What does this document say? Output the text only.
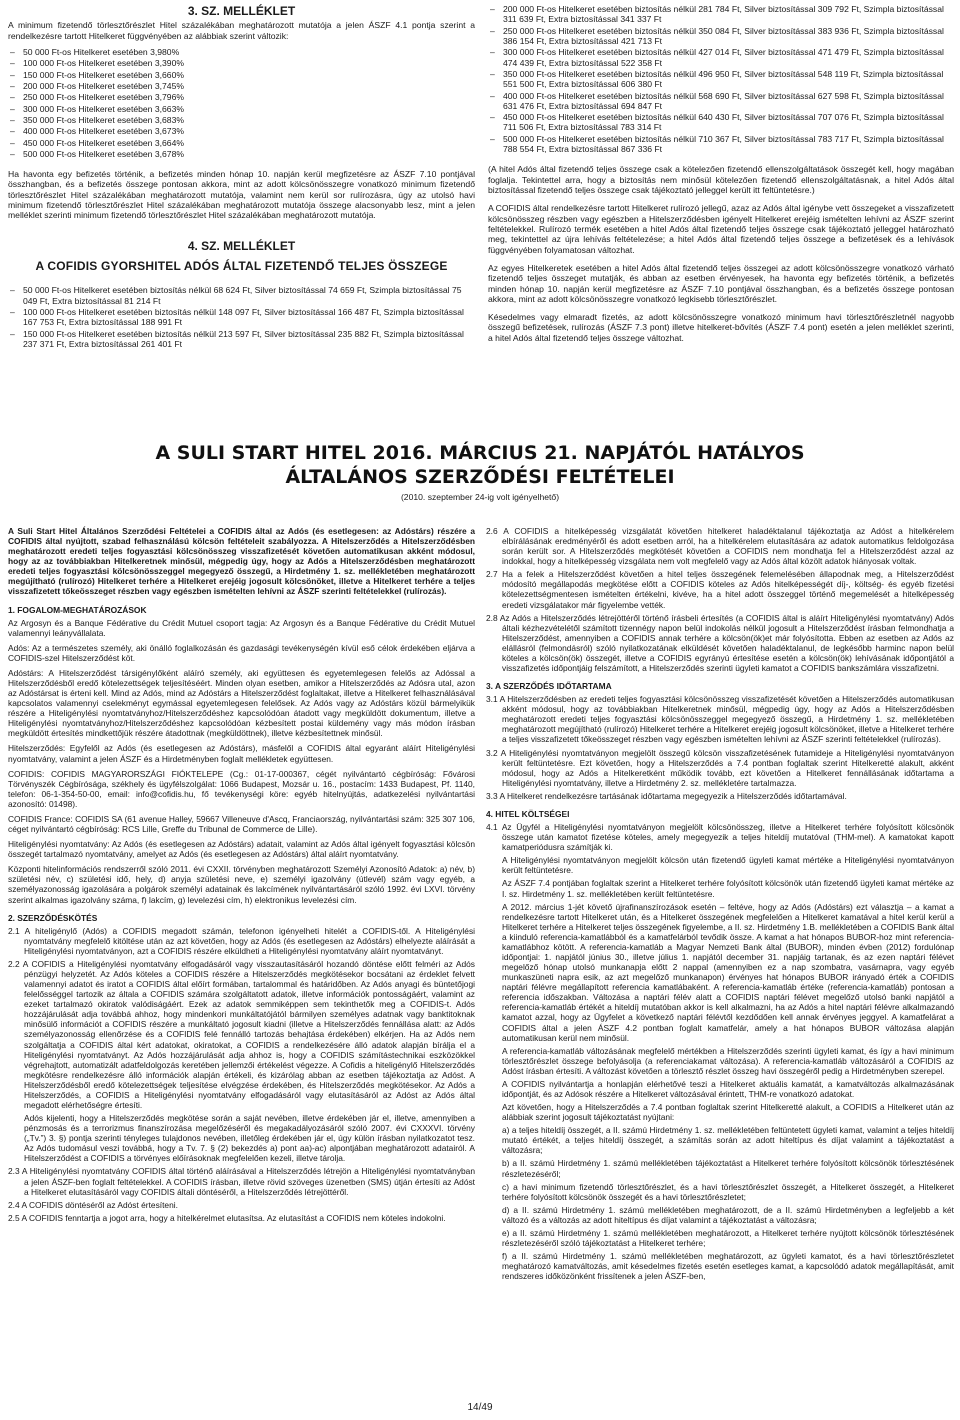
3. SZ. MELLÉKLET

A minimum fizetendő törlesztőrészlet Hitel százalékában meghatározott mutatója a jelen ÁSZF 4.1 pontja szerint a rendelkezésre tartott Hitelkeret függvényében az alábbiak szerint változik:

– 50 000 Ft-os Hitelkeret esetében 3,980%
– 100 000 Ft-os Hitelkeret esetében 3,390%
– 150 000 Ft-os Hitelkeret esetében 3,660%
– 200 000 Ft-os Hitelkeret esetében 3,745%
– 250 000 Ft-os Hitelkeret esetében 3,796%
– 300 000 Ft-os Hitelkeret esetében 3,663%
– 350 000 Ft-os Hitelkeret esetében 3,683%
– 400 000 Ft-os Hitelkeret esetében 3,673%
– 450 000 Ft-os Hitelkeret esetében 3,664%
– 500 000 Ft-os Hitelkeret esetében 3,678%

Ha havonta egy befizetés történik, a befizetés minden hónap 10. napján kerül megfizetésre az ÁSZF 7.10 pontjával összhangban, és a befizetés összege pontosan akkora, mint az adott kölcsönösszegre vonatkozó minimum fizetendő törlesztőrészlet Hitel százalékában meghatározott mutatója, valamint nem kerül sor rulírozásra, úgy az utolsó havi minimum fizetendő törlesztőrészlet Hitel százalékában meghatározott mutatója összege alacsonyabb lesz, mint a jelen melléklet szerinti minimum fizetendő törlesztőrészlet Hitel százalékában meghatározott mutatója.

4. SZ. MELLÉKLET
A COFIDIS GYORSHITEL ADÓS ÁLTAL FIZETENDŐ TELJES ÖSSZEGE
– 50 000 Ft-os Hitelkeret esetében biztosítás nélkül 68 624 Ft, Silver biztosítással 74 659 Ft, Szimpla biztosítással 75 049 Ft, Extra biztosítással 81 214 Ft
– 100 000 Ft-os Hitelkeret esetében biztosítás nélkül 148 097 Ft, Silver biztosítással 166 487 Ft, Szimpla biztosítással 167 753 Ft, Extra biztosítással 188 991 Ft
– 150 000 Ft-os Hitelkeret esetében biztosítás nélkül 213 597 Ft, Silver biztosítással 235 882 Ft, Szimpla biztosítással 237 371 Ft, Extra biztosítással 261 401 Ft
– 200 000 Ft-os Hitelkeret esetében biztosítás nélkül 281 784 Ft, Silver biztosítással 309 792 Ft, Szimpla biztosítással 311 639 Ft, Extra biztosítással 341 337 Ft
– 250 000 Ft-os Hitelkeret esetében biztosítás nélkül 350 084 Ft, Silver biztosítással 383 936 Ft, Szimpla biztosítással 386 154 Ft, Extra biztosítással 421 713 Ft
– 300 000 Ft-os Hitelkeret esetében biztosítás nélkül 427 014 Ft, Silver biztosítással 471 479 Ft, Szimpla biztosítással 474 439 Ft, Extra biztosítással 522 358 Ft
– 350 000 Ft-os Hitelkeret esetében biztosítás nélkül 496 950 Ft, Silver biztosítással 548 119 Ft, Szimpla biztosítással 551 500 Ft, Extra biztosítással 606 380 Ft
– 400 000 Ft-os Hitelkeret esetében biztosítás nélkül 568 690 Ft, Silver biztosítással 627 598 Ft, Szimpla biztosítással 631 476 Ft, Extra biztosítással 694 847 Ft
– 450 000 Ft-os Hitelkeret esetében biztosítás nélkül 640 430 Ft, Silver biztosítással 707 076 Ft, Szimpla biztosítással 711 506 Ft, Extra biztosítással 783 314 Ft
– 500 000 Ft-os Hitelkeret esetében biztosítás nélkül 710 367 Ft, Silver biztosítással 783 717 Ft, Szimpla biztosítással 788 554 Ft, Extra biztosítással 867 336 Ft

(A hitel Adós által fizetendő teljes összege csak a kötelezően fizetendő ellenszolgáltatások összegét kell, hogy magában foglalja. Tekintettel arra, hogy a biztosítás nem minősül kötelezően fizetendő ellenszolgáltatásnak, a hitel Adós által biztosítással fizetendő teljes összege csak tájékoztató jelleggel került itt feltüntetésre.)

A COFIDIS által rendelkezésre tartott Hitelkeret rulírozó jellegű, azaz az Adós által igénybe vett összegeket a visszafizetett kölcsönösszeg részben vagy egészben a Hitelszerződésben igényelt Hitelkeret erejéig ismételten lehívni az ÁSZF szerint feltételekkel. Rulírozó termék esetében a hitel Adós által fizetendő teljes összege csak tájékoztató jelleggel határozható meg, tekintettel az újra lehívás feltételezése; a hitel Adós által fizetendő teljes összege a befizetések és a lehívások függvényében folyamatosan változhat.

Az egyes Hitelkeretek esetében a hitel Adós által fizetendő teljes összegei az adott kölcsönösszegre vonatkozó várható fizetendő teljes összeget mutatják, és abban az esetben érvényesek, ha havonta egy befizetés történik, a befizetés minden hónap 10. napján kerül megfizetésre az ÁSZF 7.10 pontjával összhangban, és a befizetés összege pontosan akkora, mint az adott kölcsönösszegre vonatkozó legkisebb törlesztőrészlet.

Késedelmes vagy elmaradt fizetés, az adott kölcsönösszegre vonatkozó minimum havi törlesztőrészletnél nagyobb összegű befizetések, rulírozás (ÁSZF 7.3 pont) illetve hitelkeret-bővítés (ÁSZF 7.4 pont) esetén a jelen melléklet szerinti, a hitel Adós által fizetendő teljes összege változhat.

A SULI START HITEL 2016. MÁRCIUS 21. NAPJÁTÓL HATÁLYOS
ÁLTALÁNOS SZERZŐDÉSI FELTÉTELEI
(2010. szeptember 24-ig volt igényelhető)

A Suli Start Hitel Általános Szerződési Feltételei a COFIDIS által az Adós (és esetlegesen: az Adóstárs) részére a COFIDIS által nyújtott, szabad felhasználású kölcsön feltételeit szabályozza. A Hitelszerződés a Hitelszerződésben meghatározott eredeti teljes fogyasztási kölcsönösszeg visszafizetését követően automatikusan akként módosul, hogy az az továbbiakban Hitelkeretnek minősül, mégpedig úgy, hogy az Adós a Hitelszerződésben meghatározott eredeti teljes fogyasztási kölcsönösszeggel megegyező összegű, a Hirdetmény 1. sz. mellékletében meghatározott megújítható (rulírozó) Hitelkeret terhére a Hitelkeret erejéig jogosult kölcsönöket, illetve a Hitelkeret terhére a teljes visszafizetett tőkeösszeget részben vagy egészben ismételten lehívni az ÁSZF szerinti feltételekkel (rulírozás).

1. FOGALOM-MEGHATÁROZÁSOK

Az Argosyn és a Banque Fédérative du Crédit Mutuel csoport tagja: Az Argosyn és a Banque Fédérative du Crédit Mutuel valamennyi leányvállalata.

Adós: Az a természetes személy, aki önálló foglalkozásán és gazdasági tevékenységén kívül eső célok érdekében eljárva a COFIDIS-szel Hitelszerződést köt.

Adóstárs: A Hitelszerződést társigénylőként aláíró személy, aki együttesen és egyetemlegesen felelős az Adóssal a Hitelszerződésből eredő kötelezettségek teljesítéséért. Minden olyan esetben, amikor a Hitelszerződés az Adósra utal, azon az Adóstársat is érteni kell. Mind az Adós, mind az Adóstárs a Hitelszerződést foglaltakat, illetve a Hitelkeret felhasználásával kapcsolatos valamennyi cselekményt egymással egyetemlegesen felelősek. Az Adós vagy az Adóstárs közül bármelyikük részére a Hiteligénylési nyomtatványhoz/Hitelszerződéshez kapcsolódóan átadott vagy megküldött dokumentum, illetve a Hiteligénylési nyomtatványhoz/Hitelszerződéshez kapcsolódóan kézbesített postai küldemény vagy más módon írásban megküldött értesítés mindkettőjük részére átadottnak (megküldöttnek), illetve kézbesítettnek minősül.

Hitelszerződés: Egyfelől az Adós (és esetlegesen az Adóstárs), másfelől a COFIDIS által egyaránt aláírt Hiteligénylési nyomtatvány, valamint a jelen ÁSZF és a Hirdetményben foglalt mellékletek együttesen.

COFIDIS: COFIDIS MAGYARORSZÁGI FIÓKTELEPE (Cg.: 01-17-000367, cégét nyilvántartó cégbíróság: Fővárosi Törvényszék Cégbírósága, székhely és ügyfélszolgálat: 1066 Budapest, Mozsár u. 16., postacím: 1433 Budapest, Pf. 1140, telefon: 06-1-354-50-00, email: info@cofidis.hu, fő tevékenységi köre: egyéb hitelnyújtás, adatkezelési nyilvántartási azonosító: 01498).

COFIDIS France: COFIDIS SA (61 avenue Halley, 59667 Villeneuve d'Ascq, Franciaország, nyilvántartási szám: 325 307 106, céget nyilvántartó cégbíróság: RCS Lille, Greffe du Tribunal de Commerce de Lille).

Hiteligénylési nyomtatvány: Az Adós (és esetlegesen az Adóstárs) adatait, valamint az Adós által igényelt fogyasztási kölcsön összegét tartalmazó nyomtatvány, amelyet az Adós (és esetlegesen az Adóstárs) által aláírt nyomtatvány.

Központi hitelinformációs rendszerről szóló 2011. évi CXXII. törvényben meghatározott Személyi Azonosító Adatok: a) név, b) születési név, c) születési idő, hely, d) anyja születési neve, e) személyi igazolvány (útlevél) szám vagy egyéb, a személyazonosság igazolására a polgárok személyi adatainak és lakcímének nyilvántartásáról szóló 1992. évi LXVI. törvény szerint alkalmas igazolvány száma, f) lakcím, g) levelezési cím, h) elektronikus levelezési cím.

2. SZERZŐDÉSKÖTÉS

2.1 A hiteligénylő (Adós) a COFIDIS megadott számán, telefonon igényelheti hitelét a COFIDIS-től. A Hiteligénylési nyomtatvány megfelelő kitöltése után az azt követően, hogy az Adós (és esetlegesen az Adóstárs) elhelyezte aláírását a Hiteligénylési nyomtatványon, azt a COFIDIS részére elküldheti a Hiteligénylési nyomtatvány aláírt nyomtatványt.

2.2 A COFIDIS a Hiteligénylési nyomtatvány elfogadásáról vagy visszautasításáról hozandó döntése előtt felméri az Adós pénzügyi helyzetét. Az Adós köteles a COFIDIS részére a Hitelszerződés megkötésekor bocsátani az érdeklet felvett valamennyi adatot és iratot a COFIDIS által előírt formában, tartalommal és határidőben. Az Adós anyagi és büntetőjogi felelősséggel tartozik az általa a COFIDIS számára szolgáltatott adatok, illetve információk pontosságáért, valamint az ezeket tartalmazó okiratok valódiságáért. Ezek az adatok semmiképpen sem tekinthetők meg a COFIDIS-t. Adós hozzájárulását adja továbbá ahhoz, hogy mindenkori munkáltatójától bármilyen személyes adatnak vagy banktitoknak minősülő információt a COFIDIS részére a munkáltató jogosult kiadni (illetve a Hitelszerződés fennállása alatt: az Adós személyazonosság ellenőrzése és a COFIDIS felé fennálló tartozás behajtása érdekében) elkérjen. Ha az Adós nem szolgáltatja a COFIDIS által kért adatokat, okiratokat, a COFIDIS a rendelkezésére álló adatok alapján bírálja el a Hiteligénylési nyomtatványt. Az Adós hozzájárulását adja ahhoz is, hogy a COFIDIS számítástechnikai eszközökkel végrehajtott, automatizált adatfeldolgozás keretében jellemzői értékelést végezze. A Cofidis a hiteligénylő Hitelszerződés megkötésre rendelkezésre álló információk alapján értékeli, és kizárólag abban az esetben tájékoztatja az Adóst. A Hitelszerződésből eredő kötelezettségek teljesítése elvégzése érdekében, és Hitelszerződés megkötésekor. Az Adós a Hitelszerződés, a COFIDIS a Hiteligénylési nyomtatvány elfogadásáról vagy elutasításáról az Adóst az Adós által megadott elérhetőségre értesíti.

Adós kijelenti, hogy a Hitelszerződés megkötése során a saját nevében, illetve érdekében jár el, illetve, amennyiben a pénzmosás és a terrorizmus finanszírozása megelőzéséről és megakadályozásáról szóló 2007. évi CXXXVI. törvény („Tv.”) 3. §) pontja szerinti tényleges tulajdonos nevében, illetőleg érdekében jár el, úgy külön írásban nyilatkozatot tesz. Az Adós tudomásul veszi továbbá, hogy a Tv. 7. § (2) bekezdés a) pont aa)-ac) alpontjában meghatározott adatairól. A Hitelszerződést a COFIDIS a törvényes előírásoknak megfelelően kezeli, illetve tárolja.

2.3 A Hiteligénylési nyomtatvány COFIDIS által történő aláírásával a Hitelszerződés létrejön a Hiteligénylési nyomtatványban a jelen ÁSZF-ben foglalt feltételekkel. A COFIDIS írásban, illetve rövid szöveges üzenetben (SMS) útján értesíti az Adóst a Hitelkeret elutasításáról vagy COFIDIS általi döntéséről, a Hitelszerződés létrejöttéről.

2.4 A COFIDIS döntéséről az Adóst értesíteni.

2.5 A COFIDIS fenntartja a jogot arra, hogy a hitelkérelmet elutasítsa. Az elutasítást a COFIDIS nem köteles indokolni.

2.6 A COFIDIS a hitelképesség vizsgálatát követően hitelkeret haladéktalanul tájékoztatja az Adóst a hitelkérelem elbírálásának eredményéről és adott esetben arról, ha a hitelkérelem elutasítására az adatok automatikus feldolgozása során került sor. A Hitelszerződés megkötését követően a COFIDIS nem mondhatja fel a Hitelszerződést azzal az indokkal, hogy a hitelképesség vizsgálata nem volt megfelelő vagy az Adós által közölt adatok hiányosak voltak.

2.7 Ha a felek a Hitelszerződést követően a hitel teljes összegének felemelésében állapodnak meg, a Hitelszerződést módosító megállapodás megkötése előtt a COFIDIS köteles az Adós hitelképességét díj-, költség- és egyéb fizetési kötelezettségmentesen ismételten értékelni, kivéve, ha a hitel adott összeggel történő megemelését a hitelképesség eredeti vizsgálatakor már figyelembe vették.

2.8 Az Adós a Hitelszerződés létrejöttéről történő írásbeli értesítés (a COFIDIS által is aláírt Hiteligénylési nyomtatvány) Adós általi kézhezvételétől számított tizennégy napon belül indokolás nélkül jogosult a Hitelszerződést írásban felmondhatja a Hitelszerződést, amennyiben a COFIDIS annak terhére a kölcsön(ök)et már folyósította. Ebben az esetben az Adós az elállásról (felmondásról) szóló nyilatkozatának elküldését követően haladéktalanul, de legkésőbb harminc napon belül köteles a kölcsön(ök) összegét, illetve a COFIDIS egyrányú értesítése esetén a kölcsön(ök) lehívásának időpontjától a visszafizetés időpontjáig felszámított, a Hitelszerződés szerinti ügyleti kamatot a COFIDIS bankszámlára visszafizetni.

3. A SZERZŐDÉS IDŐTARTAMA

3.1 A Hitelszerződésben az eredeti teljes fogyasztási kölcsönösszeg visszafizetését követően a Hitelszerződés automatikusan akként módosul, hogy az továbbiakban Hitelkeretnek minősül, mégpedig úgy, hogy az Adós a Hitelszerződésben meghatározott eredeti teljes fogyasztási kölcsönösszeggel megegyező összegű, a Hirdetmény 1. sz. mellékletében meghatározott megújítható (rulírozó) Hitelkeret terhére a Hitelkeret erejéig jogosult kölcsönöket, illetve a Hitelkeret terhére a teljes visszafizetett tőkeösszeget részben vagy egészben ismételten lehívni az ÁSZF szerinti feltételekkel (rulírozás).

3.2 A Hiteligénylési nyomtatványon megjelölt összegű kölcsön visszafizetésének futamideje a Hiteligénylési nyomtatványon került feltüntetésre. Ezt követően, hogy a Hitelszerződés a 7.4 pontban foglaltak szerint Hitelkeretté alakult, akként módosul, hogy az Adós a Hitelkeretként működik tovább, ezt követően a Hitelkeret fennállásának időtartama a Hiteligénylési nyomtatvány, illetve a Hirdetmény 2. sz. mellékletére tartalmazza.

3.3 A Hitelkeret rendelkezésre tartásának időtartama megegyezik a Hitelszerződés időtartamával.

4. HITEL KÖLTSÉGEI

4.1 Az Ügyfél a Hiteligénylési nyomtatványon megjelölt kölcsönösszeg, illetve a Hitelkeret terhére folyósított kölcsönök összege után kamatot fizetése köteles, amely megegyezik a teljes hiteldíj mutatóval (THM-mel). A kamatokat kapott kamatperiódusra számítják ki.

A Hiteligénylési nyomtatványon megjelölt kölcsön után fizetendő ügyleti kamat mértéke a Hiteligénylési nyomtatványon került feltüntetésre.

Az ÁSZF 7.4 pontjában foglaltak szerint a Hitelkeret terhére folyósított kölcsönök után fizetendő ügyleti kamat mértéke az I. sz. Hirdetmény 1. sz. mellékletében került feltüntetésre.

A 2012. március 1-jét követő újrafinanszírozások esetén – feltéve, hogy az Adós (Adóstárs) ezt választja – a kamat a rendelkezésre tartott Hitelkeret után, és a Hitelkeret összegének megfelelően a Hitelkeret kamatával a hitel kerül kerül a Hitelkeret terhére a Hitelkeret teljes összegének figyelembe, a II. sz. Hirdetmény 1.B. mellékletében a COFIDIS Bank által a kiinduló referencia-kamatlábból és a kamatfelárból tevődik össze. A kamat a hat hónapos BUBOR-hoz mint referencia-kamatlábhoz kötött. A referencia-kamatláb a Magyar Nemzeti Bank által (BUBOR), minden évben (2012) fordulónap időpontjai: 1. napjától június 30., illetve július 1. napjától december 31. napjáig tartanak, és az ezen naptári félévet megelőző hónap utolsó munkanapja előtt 2 nappal (amennyiben ez a nap szombatra, vasárnapra, vagy egyéb munkaszüneti napra esik, az azt megelőző munkanapon) érvényes hat hónapos BUBOR irányadó érték a COFIDIS naptári félévre megállapított referencia kamatlábaként. A referencia-kamatláb értéke (referencia-kamatláb) pontosan a referencia időszakban. Változása a naptári félév alatt a COFIDIS naptári félévet megelőző utolsó banki napjától a referencia-kamatláb értékét a hiteldíj mutatóban akkor is kell alkalmazni, ha az Adós a hitel naptári félévre alkalmazandó kamatot azzal, hogy az Ügyfelet a következő naptári félévtől kezdődően kell annak érvényes jeggyel. A kamatfelárat a COFIDIS által a jelen ÁSZF 4.2 pontban foglalt kamatfelár, amely a hat hónapos BUBOR változása alapján automatikusan kerül nem minősül.

A referencia-kamatláb változásának megfelelő mértékben a Hitelszerződés szerinti ügyleti kamat, és így a havi minimum törlesztőrészlet összege befolyásolja (a referenciakamat változása). A referencia-kamatláb változásáról a COFIDIS az Adóst írásban értesíti. A változást követően a törlesztő részlet összeg havi összegéről pedig a Hirdetményben szerepel.

A COFIDIS nyilvántartja a honlapján elérhetővé teszi a Hitelkeret aktuális kamatát, a kamatváltozás alkalmazásának időpontját, és az Adósok részére a Hitelkeret változásával érintett, THM-re vonatkozó adatokat.

Azt követően, hogy a Hitelszerződés a 7.4 pontban foglaltak szerint Hitelkeretté alakult, a COFIDIS a Hitelkeret után az alábbiak szerint jogosult tájékoztatást nyújtani:

a) a teljes hiteldíj összegét, a II. számú Hirdetmény 1. sz. mellékletében feltüntetett ügyleti kamat, valamint a teljes hiteldíj mutató értékét, a teljes hiteldíj összegét, a számítás során az adott hiteltípus és díjat valamint a tájékoztatást a változásra;

b) a II. számú Hirdetmény 1. számú mellékletében tájékoztatást a Hitelkeret terhére folyósított kölcsönök törlesztésének részletezéséről;

c) a havi minimum fizetendő törlesztőrészlet, és a havi törlesztőrészlet összegét, a Hitelkeret összegét, a Hitelkeret terhére folyósított kölcsönök összegét és a havi törlesztőrészletet;

d) a II. számú Hirdetmény 1. számú mellékletében meghatározott, de a II. számú Hirdetményben a legfeljebb a két változó és a változás az adott hiteltípus és díjat valamint a tájékoztatást a változásra;

e) a II. számú Hirdetmény 1. számú mellékletében meghatározott, a Hitelkeret terhére nyújtott kölcsönök törlesztésének részletezéséről szóló tájékoztatást a Hitelkeret terhére;

f) a II. számú Hirdetmény 1. számú mellékletében meghatározott, az ügyleti kamatot, és a havi törlesztőrészletet meghatározó kamatváltozás, amit késedelmes fizetés esetén esetleges kamat, a kapcsolódó adatok megállapítását, amit rendszeres időközönként frissítenek a jelen ÁSZF-ben,

14/49
